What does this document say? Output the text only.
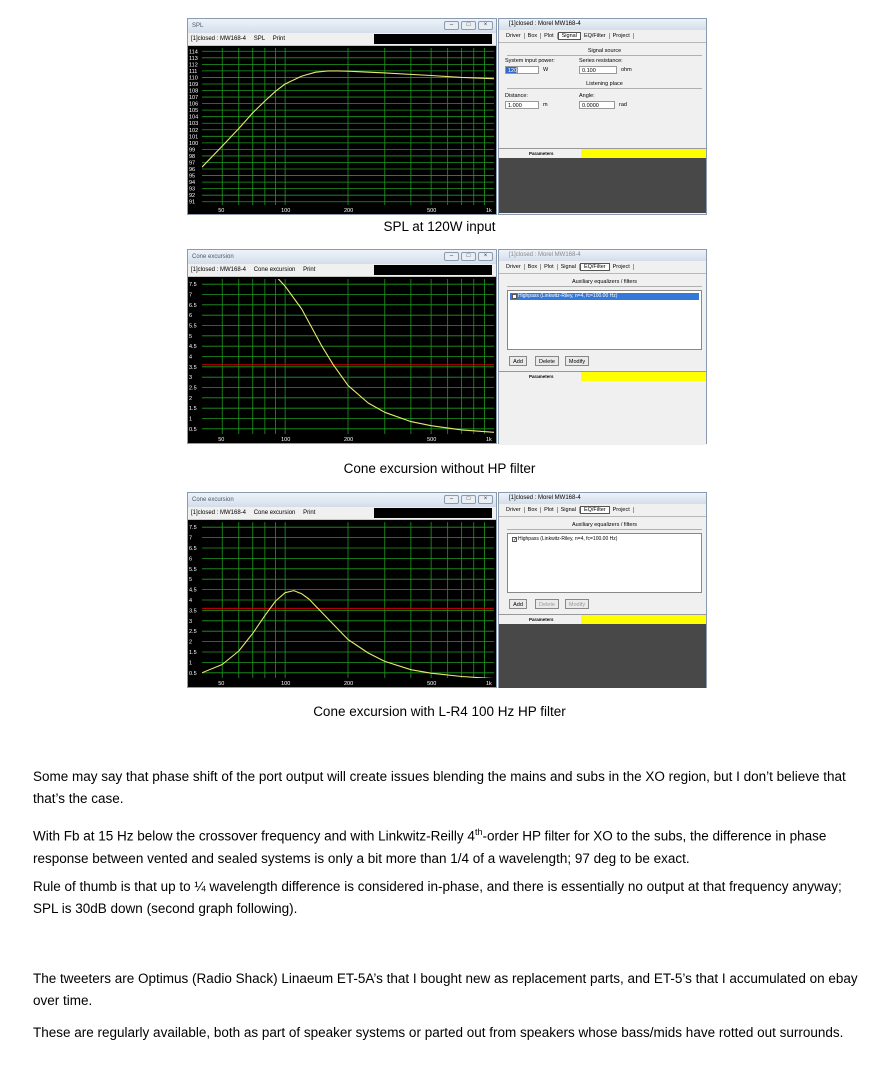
SPL	–	□	×
[1]closed : MW168-4 SPL Print
114
113
112
111
110
109
108
107
106
105
104
103
102
101
100
99
98
97
96
95
94
93
92
91
50	100	200	500	1k
[1]closed : Morel MW168-4
Driver Box Plot Signal EQ/Filter Project
Signal source
System input power:
120	W
Series resistance:
0.100	ohm
Listening place
Distance:
1.000	m
Angle:
0.0000	rad
Parameters
SPL at 120W input
Cone excursion	–	□	×
[1]closed : MW168-4 Cone excursion Print
7.5
7
6.5
6
5.5
5
4.5
4
3.5
3
2.5
2
1.5
1
0.5
50	100	200	500	1k
[1]closed : Morel MW168-4
Driver Box Plot Signal EQ/Filter Project
Auxiliary equalizers / filters
Highpass (Linkwitz-Riley, n=4, fc=100.00 Hz)
Add	Delete	Modify
Parameters
Cone excursion without HP filter
Cone excursion	–	□	×
[1]closed : MW168-4 Cone excursion Print
7.5
7
6.5
6
5.5
5
4.5
4
3.5
3
2.5
2
1.5
1
0.5
50	100	200	500	1k
[1]closed : Morel MW168-4
Driver Box Plot Signal EQ/Filter Project
Auxiliary equalizers / filters
✓ Highpass (Linkwitz-Riley, n=4, fc=100.00 Hz)
Add	Delete	Modify
Parameters
Cone excursion with L-R4 100 Hz HP filter

Some may say that phase shift of the port output will create issues blending the mains and subs in the XO region, but I don’t believe that that’s the case.

With Fb at 15 Hz below the crossover frequency and with Linkwitz-Reilly 4th-order HP filter for XO to the subs, the difference in phase response between vented and sealed systems is only a bit more than 1/4 of a wavelength; 97 deg to be exact.

Rule of thumb is that up to ¼ wavelength difference is considered in-phase, and there is essentially no output at that frequency anyway; SPL is 30dB down (second graph following).

The tweeters are Optimus (Radio Shack) Linaeum ET-5A’s that I bought new as replacement parts, and ET-5’s that I accumulated on ebay over time.

These are regularly available, both as part of speaker systems or parted out from speakers whose bass/mids have rotted out surrounds.
